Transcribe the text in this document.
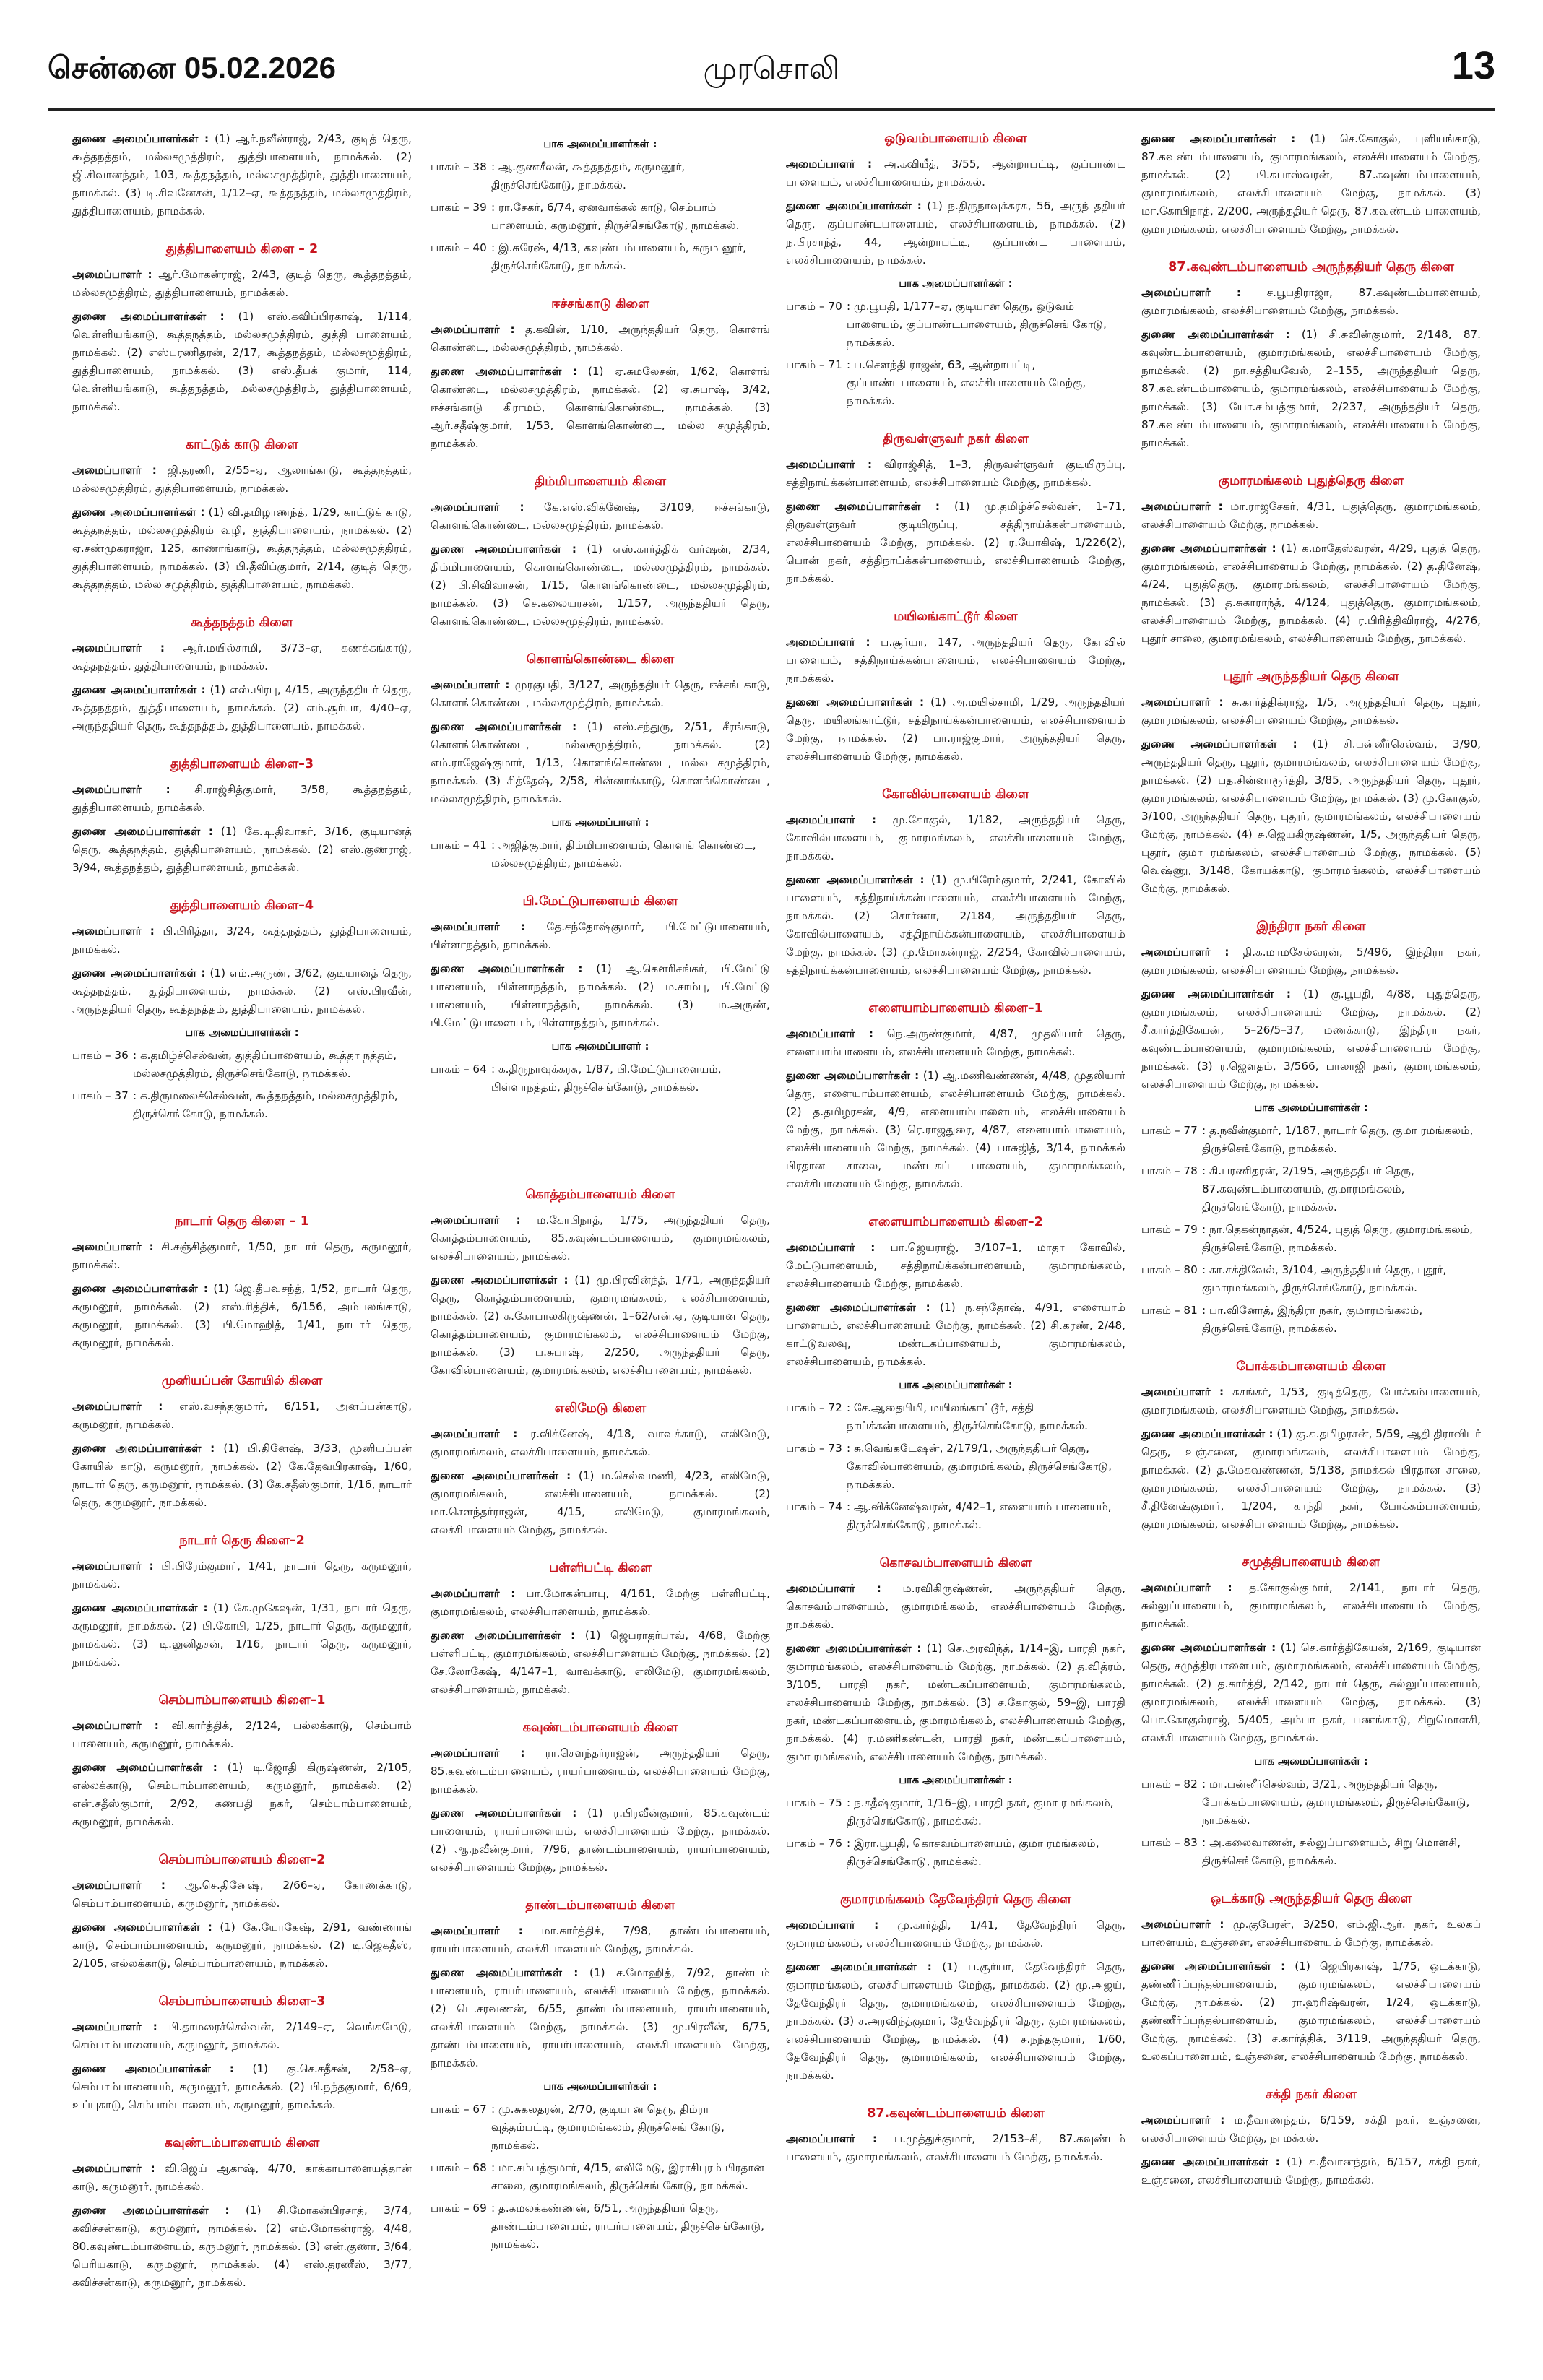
சென்னை 05.02.2026	முரசொலி	13
துணை அமைப்பாளர்கள் : (1) ஆர்.நவீன்ராஜ், 2/43, குடித் தெரு, கூத்தநத்தம், மல்லசமுத்திரம், துத்திபாளையம், நாமக்கல். (2) ஜி.சிவானந்தம், 103, கூத்தநத்தம், மல்லசமுத்திரம், துத்திபாளையம், நாமக்கல். (3) டி.சிவனேசன், 1/12–ஏ, கூத்தநத்தம், மல்லசமுத்திரம், துத்திபாளையம், நாமக்கல்.
துத்திபாளையம் கிளை – 2
அமைப்பாளர் : ஆர்.மோகன்ராஜ், 2/43, குடித் தெரு, கூத்தநத்தம், மல்லசமுத்திரம், துத்திபாளையம், நாமக்கல்.
துணை அமைப்பாளர்கள் : (1) எஸ்.கவிப்பிரகாஷ், 1/114, வெள்ளியங்காடு, கூத்தநத்தம், மல்லசமுத்திரம், துத்தி பாளையம், நாமக்கல். (2) எஸ்பரணிதரன், 2/17, கூத்தநத்தம், மல்லசமுத்திரம், துத்திபாளையம், நாமக்கல். (3) எஸ்.தீபக் குமார், 114, வெள்ளியங்காடு, கூத்தநத்தம், மல்லசமுத்திரம், துத்திபாளையம், நாமக்கல்.
காட்டுக் காடு கிளை
அமைப்பாளர் : ஜி.தரணி, 2/55–ஏ, ஆலாங்காடு, கூத்தநத்தம், மல்லசமுத்திரம், துத்திபாளையம், நாமக்கல்.
துணை அமைப்பாளர்கள் : (1) வி.தமிழாணந்த், 1/29, காட்டுக் காடு, கூத்தநத்தம், மல்லசமுத்திரம் வழி, துத்திபாளையம், நாமக்கல். (2) ஏ.சண்முகராஜா, 125, காணாங்காடு, கூத்தநத்தம், மல்லசமுத்திரம், துத்திபாளையம், நாமக்கல். (3) பி.தீவிப்குமார், 2/14, குடித் தெரு, கூத்தநத்தம், மல்ல சமுத்திரம், துத்திபாளையம், நாமக்கல்.
கூத்தநத்தம் கிளை
அமைப்பாளர் : ஆர்.மயில்சாமி, 3/73–ஏ, கணக்கங்காடு, கூத்தநத்தம், துத்திபாளையம், நாமக்கல்.
துணை அமைப்பாளர்கள் : (1) எஸ்.பிரபு, 4/15, அருந்ததியர் தெரு, கூத்தநத்தம், துத்திபாளையம், நாமக்கல். (2) எம்.சூர்யா, 4/40–ஏ, அருந்ததியர் தெரு, கூத்தநத்தம், துத்திபாளையம், நாமக்கல்.
துத்திபாளையம் கிளை–3
அமைப்பாளர் : சி.ராஜ்சித்குமார், 3/58, கூத்தநத்தம், துத்திபாளையம், நாமக்கல்.
துணை அமைப்பாளர்கள் : (1) கே.டி.திவாகர், 3/16, குடியானத் தெரு, கூத்தநத்தம், துத்திபாளையம், நாமக்கல். (2) எஸ்.குணராஜ், 3/94, கூத்தநத்தம், துத்திபாளையம், நாமக்கல்.
துத்திபாளையம் கிளை–4
அமைப்பாளர் : பி.பிரித்தா, 3/24, கூத்தநத்தம், துத்திபாளையம், நாமக்கல்.
துணை அமைப்பாளர்கள் : (1) எம்.அருண், 3/62, குடியானத் தெரு, கூத்தநத்தம், துத்திபாளையம், நாமக்கல். (2) எஸ்.பிரவீன், அருந்ததியர் தெரு, கூத்தநத்தம், துத்திபாளையம், நாமக்கல்.
பாக அமைப்பாளர்கள் :
பாகம் – 36 : க.தமிழ்ச்செல்வன், துத்திப்பாளையம், கூத்தா நத்தம், மல்லசமுத்திரம், திருச்செங்கோடு, நாமக்கல்.
பாகம் – 37 : க.திருமலைச்செல்வன், கூத்தநத்தம், மல்லசமுத்திரம், திருச்செங்கோடு, நாமக்கல்.
நாடார் தெரு கிளை – 1
அமைப்பாளர் : சி.சஞ்சித்குமார், 1/50, நாடார் தெரு, கருமனூர், நாமக்கல்.
துணை அமைப்பாளர்கள் : (1) ஜெ.தீபவசந்த், 1/52, நாடார் தெரு, கருமனூர், நாமக்கல். (2) எஸ்.ரித்திக், 6/156, அம்பலங்காடு, கருமனூர், நாமக்கல். (3) பி.மோஹித், 1/41, நாடார் தெரு, கருமனூர், நாமக்கல்.
முனியப்பன் கோயில் கிளை
அமைப்பாளர் : எஸ்.வசந்தகுமார், 6/151, அனப்பன்காடு, கருமனூர், நாமக்கல்.
துணை அமைப்பாளர்கள் : (1) பி.தினேஷ், 3/33, முனியப்பன் கோயில் காடு, கருமனூர், நாமக்கல். (2) கே.தேவபிரகாஷ், 1/60, நாடார் தெரு, கருமனூர், நாமக்கல். (3) கே.சதீஸ்குமார், 1/16, நாடார் தெரு, கருமனூர், நாமக்கல்.
நாடார் தெரு கிளை–2
அமைப்பாளர் : பி.பிரேம்குமார், 1/41, நாடார் தெரு, கருமனூர், நாமக்கல்.
துணை அமைப்பாளர்கள் : (1) கே.முகேஷன், 1/31, நாடார் தெரு, கருமனூர், நாமக்கல். (2) பி.கோபி, 1/25, நாடார் தெரு, கருமனூர், நாமக்கல். (3) டி.லுனிதசன், 1/16, நாடார் தெரு, கருமனூர், நாமக்கல்.
செம்பாம்பாளையம் கிளை–1
அமைப்பாளர் : வி.கார்த்திக், 2/124, பல்லக்காடு, செம்பாம் பாளையம், கருமனூர், நாமக்கல்.
துணை அமைப்பாளர்கள் : (1) டி.ஜோதி கிருஷ்ணன், 2/105, எல்லக்காடு, செம்பாம்பாளையம், கருமனூர், நாமக்கல். (2) என்.சதீஸ்குமார், 2/92, கணபதி நகர், செம்பாம்பாளையம், கருமனூர், நாமக்கல்.
செம்பாம்பாளையம் கிளை–2
அமைப்பாளர் : ஆ.செ.தினேஷ், 2/66–ஏ, கோணக்காடு, செம்பாம்பாளையம், கருமனூர், நாமக்கல்.
துணை அமைப்பாளர்கள் : (1) கே.யோகேஷ், 2/91, வண்ணாங் காடு, செம்பாம்பாளையம், கருமனூர், நாமக்கல். (2) டி.ஜெகதீஸ், 2/105, எல்லக்காடு, செம்பாம்பாளையம், நாமக்கல்.
செம்பாம்பாளையம் கிளை–3
அமைப்பாளர் : பி.தாமரைச்செல்வன், 2/149–ஏ, வெங்கமேடு, செம்பாம்பாளையம், கருமனூர், நாமக்கல்.
துணை அமைப்பாளர்கள் : (1) கு.செ.சதீசன், 2/58–ஏ, செம்பாம்பாளையம், கருமனூர், நாமக்கல். (2) பி.நந்தகுமார், 6/69, உப்புகாடு, செம்பாம்பாளையம், கருமனூர், நாமக்கல்.
கவுண்டம்பாளையம் கிளை
அமைப்பாளர் : வி.ஜெய் ஆகாஷ், 4/70, காக்காபாளையத்தான் காடு, கருமனூர், நாமக்கல்.
துணை அமைப்பாளர்கள் : (1) சி.மோகன்பிரசாத், 3/74, கவிச்சன்காடு, கருமனூர், நாமக்கல். (2) எம்.மோகன்ராஜ், 4/48, 80.கவுண்டம்பாளையம், கருமனூர், நாமக்கல். (3) என்.குணா, 3/64, பெரியகாடு, கருமனூர், நாமக்கல். (4) எஸ்.தரணீஸ், 3/77, கவிச்சன்காடு, கருமனூர், நாமக்கல்.
பாக அமைப்பாளர்கள் :
பாகம் – 38 : ஆ.குணசீலன், கூத்தநத்தம், கருமனூர், திருச்செங்கோடு, நாமக்கல்.
பாகம் – 39 : ரா.சேகர், 6/74, ஏனவாக்கல் காடு, செம்பாம் பாளையம், கருமனூர், திருச்செங்கோடு, நாமக்கல்.
பாகம் – 40 : இ.சுரேஷ், 4/13, கவுண்டம்பாளையம், கரும னூர், திருச்செங்கோடு, நாமக்கல்.
ஈச்சங்காடு கிளை
அமைப்பாளர் : த.கவின், 1/10, அருந்ததியர் தெரு, கொளங் கொண்டை, மல்லசமுத்திரம், நாமக்கல்.
துணை அமைப்பாளர்கள் : (1) ஏ.சுமலேசன், 1/62, கொளங் கொண்டை, மல்லசமுத்திரம், நாமக்கல். (2) ஏ.சுபாஷ், 3/42, ஈச்சங்காடு கிராமம், கொளங்கொண்டை, நாமக்கல். (3) ஆர்.சதீஷ்குமார், 1/53, கொளங்கொண்டை, மல்ல சமுத்திரம், நாமக்கல்.
திம்மிபாளையம் கிளை
அமைப்பாளர் : கே.எஸ்.விக்னேஷ், 3/109, ஈச்சங்காடு, கொளங்கொண்டை, மல்லசமுத்திரம், நாமக்கல்.
துணை அமைப்பாளர்கள் : (1) எஸ்.கார்த்திக் வர்ஷன், 2/34, திம்மிபாளையம், கொளங்கொண்டை, மல்லசமுத்திரம், நாமக்கல். (2) பி.சிவிவாசன், 1/15, கொளங்கொண்டை, மல்லசமுத்திரம், நாமக்கல். (3) செ.கலையரசன், 1/157, அருந்ததியர் தெரு, கொளங்கொண்டை, மல்லசமுத்திரம், நாமக்கல்.
கொளங்கொண்டை கிளை
அமைப்பாளர் : முரகுபதி, 3/127, அருந்ததியர் தெரு, ஈச்சங் காடு, கொளங்கொண்டை, மல்லசமுத்திரம், நாமக்கல்.
துணை அமைப்பாளர்கள் : (1) எஸ்.சந்துரு, 2/51, சீரங்காடு, கொளங்கொண்டை, மல்லசமுத்திரம், நாமக்கல். (2) எம்.ராஜேஷ்குமார், 1/13, கொளங்கொண்டை, மல்ல சமுத்திரம், நாமக்கல். (3) சித்தேஷ், 2/58, சின்னாங்காடு, கொளங்கொண்டை, மல்லசமுத்திரம், நாமக்கல்.
பாக அமைப்பாளர் :
பாகம் – 41 : அஜித்குமார், திம்மிபாளையம், கொளங் கொண்டை, மல்லசமுத்திரம், நாமக்கல்.
பி.மேட்டுபாளையம் கிளை
அமைப்பாளர் : தே.சந்தோஷ்குமார், பி.மேட்டுபாளையம், பிள்ளாநத்தம், நாமக்கல்.
துணை அமைப்பாளர்கள் : (1) ஆ.கௌரிசங்கர், பி.மேட்டு பாளையம், பிள்ளாநத்தம், நாமக்கல். (2) ம.சாம்பு, பி.மேட்டு பாளையம், பிள்ளாநத்தம், நாமக்கல். (3) ம.அருண், பி.மேட்டுபாளையம், பிள்ளாநத்தம், நாமக்கல்.
பாக அமைப்பாளர் :
பாகம் – 64 : க.திருநாவுக்கரசு, 1/87, பி.மேட்டுபாளையம், பிள்ளாநத்தம், திருச்செங்கோடு, நாமக்கல்.
கொத்தம்பாளையம் கிளை
அமைப்பாளர் : ம.கோபிநாத், 1/75, அருந்ததியர் தெரு, கொத்தம்பாளையம், 85.கவுண்டம்பாளையம், குமாரமங்கலம், எலச்சிபாளையம், நாமக்கல்.
துணை அமைப்பாளர்கள் : (1) மு.பிரவின்ந்த், 1/71, அருந்ததியர் தெரு, கொத்தம்பாளையம், குமாரமங்கலம், எலச்சிபாளையம், நாமக்கல். (2) க.கோபாலகிருஷ்ணன், 1–62/என்.ஏ, குடியான தெரு, கொத்தம்பாளையம், குமாரமங்கலம், எலச்சிபாளையம் மேற்கு, நாமக்கல். (3) ப.சுபாஷ், 2/250, அருந்ததியர் தெரு, கோவில்பாளையம், குமாரமங்கலம், எலச்சிபாளையம், நாமக்கல்.
எலிமேடு கிளை
அமைப்பாளர் : ர.விக்னேஷ், 4/18, வாவக்காடு, எலிமேடு, குமாரமங்கலம், எலச்சிபாளையம், நாமக்கல்.
துணை அமைப்பாளர்கள் : (1) ம.செல்வமணி, 4/23, எலிமேடு, குமாரமங்கலம், எலச்சிபாளையம், நாமக்கல். (2) மா.சௌந்தர்ராஜன், 4/15, எலிமேடு, குமாரமங்கலம், எலச்சிபாளையம் மேற்கு, நாமக்கல்.
பள்ளிபட்டி கிளை
அமைப்பாளர் : பா.மோகன்பாபு, 4/161, மேற்கு பள்ளிபட்டி, குமாரமங்கலம், எலச்சிபாளையம், நாமக்கல்.
துணை அமைப்பாளர்கள் : (1) ஜெபராதர்பாவ், 4/68, மேற்கு பள்ளிபட்டி, குமாரமங்கலம், எலச்சிபாளையம் மேற்கு, நாமக்கல். (2) சே.லோகேஷ், 4/147–1, வாவக்காடு, எலிமேடு, குமாரமங்கலம், எலச்சிபாளையம், நாமக்கல்.
கவுண்டம்பாளையம் கிளை
அமைப்பாளர் : ரா.சௌந்தர்ராஜன், அருந்ததியர் தெரு, 85.கவுண்டம்பாளையம், ராயர்பாளையம், எலச்சிபாளையம் மேற்கு, நாமக்கல்.
துணை அமைப்பாளர்கள் : (1) ர.பிரவீன்குமார், 85.கவுண்டம் பாளையம், ராயர்பாளையம், எலச்சிபாளையம் மேற்கு, நாமக்கல். (2) ஆ.நவீன்குமார், 7/96, தாண்டம்பாளையம், ராயர்பாளையம், எலச்சிபாளையம் மேற்கு, நாமக்கல்.
தாண்டம்பாளையம் கிளை
அமைப்பாளர் : மா.கார்த்திக், 7/98, தாண்டம்பாளையம், ராயர்பாளையம், எலச்சிபாளையம் மேற்கு, நாமக்கல்.
துணை அமைப்பாளர்கள் : (1) ச.மோஹித், 7/92, தாண்டம் பாளையம், ராயர்பாளையம், எலச்சிபாளையம் மேற்கு, நாமக்கல். (2) பெ.சரவணன், 6/55, தாண்டம்பாளையம், ராயர்பாளையம், எலச்சிபாளையம் மேற்கு, நாமக்கல். (3) மு.பிரவீன், 6/75, தாண்டம்பாளையம், ராயர்பாளையம், எலச்சிபாளையம் மேற்கு, நாமக்கல்.
பாக அமைப்பாளர்கள் :
பாகம் – 67 : மு.சுகலதரன், 2/70, குடியான தெரு, திம்ரா வுத்தம்பட்டி, குமாரமங்கலம், திருச்செங் கோடு, நாமக்கல்.
பாகம் – 68 : மா.சம்பத்குமார், 4/15, எலிமேடு, இராசிபுரம் பிரதான சாலை, குமாரமங்கலம், திருச்செங் கோடு, நாமக்கல்.
பாகம் – 69 : த.கமலக்கண்ணன், 6/51, அருந்ததியர் தெரு, தாண்டம்பாளையம், ராயர்பாளையம், திருச்செங்கோடு, நாமக்கல்.
ஒடுவம்பாளையம் கிளை
அமைப்பாளர் : அ.கவியீத், 3/55, ஆன்றாபட்டி, குப்பாண்ட பாளையம், எலச்சிபாளையம், நாமக்கல்.
துணை அமைப்பாளர்கள் : (1) ந.திருநாவுக்கரசு, 56, அருந் ததியர் தெரு, குப்பாண்டபாளையம், எலச்சிபாளையம், நாமக்கல். (2) ந.பிரசாந்த், 44, ஆன்றாபட்டி, குப்பாண்ட பாளையம், எலச்சிபாளையம், நாமக்கல்.
பாக அமைப்பாளர்கள் :
பாகம் – 70 : மு.பூபதி, 1/177–ஏ, குடியான தெரு, ஒடுவம் பாளையம், குப்பாண்டபாளையம், திருச்செங் கோடு, நாமக்கல்.
பாகம் – 71 : ப.சௌந்தி ராஜன், 63, ஆன்றாபட்டி, குப்பாண்டபாளையம், எலச்சிபாளையம் மேற்கு, நாமக்கல்.
திருவள்ளுவர் நகர் கிளை
அமைப்பாளர் : விராஜ்சித், 1–3, திருவள்ளுவர் குடியிருப்பு, சத்திநாய்க்கன்பாளையம், எலச்சிபாளையம் மேற்கு, நாமக்கல்.
துணை அமைப்பாளர்கள் : (1) மு.தமிழ்ச்செல்வன், 1–71, திருவள்ளுவர் குடியிருப்பு, சத்திநாய்க்கன்பாளையம், எலச்சிபாளையம் மேற்கு, நாமக்கல். (2) ர.யோகிஷ், 1/226(2), பொன் நகர், சத்திநாய்க்கன்பாளையம், எலச்சிபாளையம் மேற்கு, நாமக்கல்.
மயிலங்காட்டூர் கிளை
அமைப்பாளர் : ப.சூர்யா, 147, அருந்ததியர் தெரு, கோவில் பாளையம், சத்திநாய்க்கன்பாளையம், எலச்சிபாளையம் மேற்கு, நாமக்கல்.
துணை அமைப்பாளர்கள் : (1) அ.மயில்சாமி, 1/29, அருந்ததியர் தெரு, மயிலங்காட்டூர், சத்திநாய்க்கன்பாளையம், எலச்சிபாளையம் மேற்கு, நாமக்கல். (2) பா.ராஜ்குமார், அருந்ததியர் தெரு, எலச்சிபாளையம் மேற்கு, நாமக்கல்.
கோவில்பாளையம் கிளை
அமைப்பாளர் : மு.கோகுல், 1/182, அருந்ததியர் தெரு, கோவில்பாளையம், குமாரமங்கலம், எலச்சிபாளையம் மேற்கு, நாமக்கல்.
துணை அமைப்பாளர்கள் : (1) மு.பிரேம்குமார், 2/241, கோவில் பாளையம், சத்திநாய்க்கன்பாளையம், எலச்சிபாளையம் மேற்கு, நாமக்கல். (2) சொர்ணா, 2/184, அருந்ததியர் தெரு, கோவில்பாளையம், சத்திநாய்க்கன்பாளையம், எலச்சிபாளையம் மேற்கு, நாமக்கல். (3) மு.மோகன்ராஜ், 2/254, கோவில்பாளையம், சத்திநாய்க்கன்பாளையம், எலச்சிபாளையம் மேற்கு, நாமக்கல்.
எளையாம்பாளையம் கிளை–1
அமைப்பாளர் : நெ.அருண்குமார், 4/87, முதலியார் தெரு, எளையாம்பாளையம், எலச்சிபாளையம் மேற்கு, நாமக்கல்.
துணை அமைப்பாளர்கள் : (1) ஆ.மணிவண்ணன், 4/48, முதலியார் தெரு, எளையாம்பாளையம், எலச்சிபாளையம் மேற்கு, நாமக்கல். (2) த.தமிழரசன், 4/9, எளையாம்பாளையம், எலச்சிபாளையம் மேற்கு, நாமக்கல். (3) ரெ.ராஜதுரை, 4/87, எளையாம்பாளையம், எலச்சிபாளையம் மேற்கு, நாமக்கல். (4) பாசுஜித், 3/14, நாமக்கல் பிரதான சாலை, மண்டகப் பாளையம், குமாரமங்கலம், எலச்சிபாளையம் மேற்கு, நாமக்கல்.
எளையாம்பாளையம் கிளை–2
அமைப்பாளர் : பா.ஜெயராஜ், 3/107–1, மாதா கோவில், மேட்டுபாளையம், சத்திநாய்க்கன்பாளையம், குமாரமங்கலம், எலச்சிபாளையம் மேற்கு, நாமக்கல்.
துணை அமைப்பாளர்கள் : (1) ந.சந்தோஷ், 4/91, எளையாம் பாளையம், எலச்சிபாளையம் மேற்கு, நாமக்கல். (2) சி.கரண், 2/48, காட்டுவலவு, மண்டகப்பாளையம், குமாரமங்கலம், எலச்சிபாளையம், நாமக்கல்.
பாக அமைப்பாளர்கள் :
பாகம் – 72 : சே.ஆதைபிமி, மயிலங்காட்டூர், சத்தி நாய்க்கன்பாளையம், திருச்செங்கோடு, நாமக்கல்.
பாகம் – 73 : சு.வெங்கடேஷன், 2/179/1, அருந்ததியர் தெரு, கோவில்பாளையம், குமாரமங்கலம், திருச்செங்கோடு, நாமக்கல்.
பாகம் – 74 : ஆ.விக்னேஷ்வரன், 4/42–1, எளையாம் பாளையம், திருச்செங்கோடு, நாமக்கல்.
கொசவம்பாளையம் கிளை
அமைப்பாளர் : ம.ரவிகிருஷ்ணன், அருந்ததியர் தெரு, கொசவம்பாளையம், குமாரமங்கலம், எலச்சிபாளையம் மேற்கு, நாமக்கல்.
துணை அமைப்பாளர்கள் : (1) செ.அரவிந்த், 1/14–இ, பாரதி நகர், குமாரமங்கலம், எலச்சிபாளையம் மேற்கு, நாமக்கல். (2) த.வித்ரம், 3/105, பாரதி நகர், மண்டகப்பாளையம், குமாரமங்கலம், எலச்சிபாளையம் மேற்கு, நாமக்கல். (3) ச.கோகுல், 59–இ, பாரதி நகர், மண்டகப்பாளையம், குமாரமங்கலம், எலச்சிபாளையம் மேற்கு, நாமக்கல். (4) ர.மணிகண்டன், பாரதி நகர், மண்டகப்பாளையம், குமா ரமங்கலம், எலச்சிபாளையம் மேற்கு, நாமக்கல்.
பாக அமைப்பாளர்கள் :
பாகம் – 75 : ந.சதீஷ்குமார், 1/16–இ, பாரதி நகர், குமா ரமங்கலம், திருச்செங்கோடு, நாமக்கல்.
பாகம் – 76 : இரா.பூபதி, கொசவம்பாளையம், குமா ரமங்கலம், திருச்செங்கோடு, நாமக்கல்.
குமாரமங்கலம் தேவேந்திரர் தெரு கிளை
அமைப்பாளர் : மு.கார்த்தி, 1/41, தேவேந்திரர் தெரு, குமாரமங்கலம், எலச்சிபாளையம் மேற்கு, நாமக்கல்.
துணை அமைப்பாளர்கள் : (1) ப.சூர்யா, தேவேந்திரர் தெரு, குமாரமங்கலம், எலச்சிபாளையம் மேற்கு, நாமக்கல். (2) மு.அஜய், தேவேந்திரர் தெரு, குமாரமங்கலம், எலச்சிபாளையம் மேற்கு, நாமக்கல். (3) ச.அரவிந்த்குமார், தேவேந்திரர் தெரு, குமாரமங்கலம், எலச்சிபாளையம் மேற்கு, நாமக்கல். (4) ச.நந்தகுமார், 1/60, தேவேந்திரர் தெரு, குமாரமங்கலம், எலச்சிபாளையம் மேற்கு, நாமக்கல்.
87.கவுண்டம்பாளையம் கிளை
அமைப்பாளர் : ப.முத்துக்குமார், 2/153–சி, 87.கவுண்டம் பாளையம், குமாரமங்கலம், எலச்சிபாளையம் மேற்கு, நாமக்கல்.
துணை அமைப்பாளர்கள் : (1) செ.கோகுல், புளியங்காடு, 87.கவுண்டம்பாளையம், குமாரமங்கலம், எலச்சிபாளையம் மேற்கு, நாமக்கல். (2) பி.சுபாஸ்வரன், 87.கவுண்டம்பாளையம், குமாரமங்கலம், எலச்சிபாளையம் மேற்கு, நாமக்கல். (3) மா.கோபிநாத், 2/200, அருந்ததியர் தெரு, 87.கவுண்டம் பாளையம், குமாரமங்கலம், எலச்சிபாளையம் மேற்கு, நாமக்கல்.
87.கவுண்டம்பாளையம் அருந்ததியர் தெரு கிளை
அமைப்பாளர் : ச.பூபதிராஜா, 87.கவுண்டம்பாளையம், குமாரமங்கலம், எலச்சிபாளையம் மேற்கு, நாமக்கல்.
துணை அமைப்பாளர்கள் : (1) சி.சுவின்குமார், 2/148, 87. கவுண்டம்பாளையம், குமாரமங்கலம், எலச்சிபாளையம் மேற்கு, நாமக்கல். (2) நா.சத்தியவேல், 2–155, அருந்ததியர் தெரு, 87.கவுண்டம்பாளையம், குமாரமங்கலம், எலச்சிபாளையம் மேற்கு, நாமக்கல். (3) யோ.சம்பத்குமார், 2/237, அருந்ததியர் தெரு, 87.கவுண்டம்பாளையம், குமாரமங்கலம், எலச்சிபாளையம் மேற்கு, நாமக்கல்.
குமாரமங்கலம் புதுத்தெரு கிளை
அமைப்பாளர் : மா.ராஜசேகர், 4/31, புதுத்தெரு, குமாரமங்கலம், எலச்சிபாளையம் மேற்கு, நாமக்கல்.
துணை அமைப்பாளர்கள் : (1) க.மாதேஸ்வரன், 4/29, புதுத் தெரு, குமாரமங்கலம், எலச்சிபாளையம் மேற்கு, நாமக்கல். (2) த.தினேஷ், 4/24, புதுத்தெரு, குமாரமங்கலம், எலச்சிபாளையம் மேற்கு, நாமக்கல். (3) த.சுகாராந்த், 4/124, புதுத்தெரு, குமாரமங்கலம், எலச்சிபாளையம் மேற்கு, நாமக்கல். (4) ர.பிரித்திவிராஜ், 4/276, புதூர் சாலை, குமாரமங்கலம், எலச்சிபாளையம் மேற்கு, நாமக்கல்.
புதூர் அருந்ததியர் தெரு கிளை
அமைப்பாளர் : சு.கார்த்திக்ராஜ், 1/5, அருந்ததியர் தெரு, புதூர், குமாரமங்கலம், எலச்சிபாளையம் மேற்கு, நாமக்கல்.
துணை அமைப்பாளர்கள் : (1) சி.பன்னீர்செல்வம், 3/90, அருந்ததியர் தெரு, புதூர், குமாரமங்கலம், எலச்சிபாளையம் மேற்கு, நாமக்கல். (2) பத.சின்னாரூர்த்தி, 3/85, அருந்ததியர் தெரு, புதூர், குமாரமங்கலம், எலச்சிபாளையம் மேற்கு, நாமக்கல். (3) மு.கோகுல், 3/100, அருந்ததியர் தெரு, புதூர், குமாரமங்கலம், எலச்சிபாளையம் மேற்கு, நாமக்கல். (4) சு.ஜெயகிருஷ்ணன், 1/5, அருந்ததியர் தெரு, புதூர், குமா ரமங்கலம், எலச்சிபாளையம் மேற்கு, நாமக்கல். (5) வெஷ்ணு, 3/148, கோயக்காடு, குமாரமங்கலம், எலச்சிபாளையம் மேற்கு, நாமக்கல்.
இந்திரா நகர் கிளை
அமைப்பாளர் : தி.க.மாமசேல்வரன், 5/496, இந்திரா நகர், குமாரமங்கலம், எலச்சிபாளையம் மேற்கு, நாமக்கல்.
துணை அமைப்பாளர்கள் : (1) கு.பூபதி, 4/88, புதுத்தெரு, குமாரமங்கலம், எலச்சிபாளையம் மேற்கு, நாமக்கல். (2) சீ.கார்த்திகேயன், 5–26/5–37, மணக்காடு, இந்திரா நகர், கவுண்டம்பாளையம், குமாரமங்கலம், எலச்சிபாளையம் மேற்கு, நாமக்கல். (3) ர.ஜெளதம், 3/566, பாலாஜி நகர், குமாரமங்கலம், எலச்சிபாளையம் மேற்கு, நாமக்கல்.
பாக அமைப்பாளர்கள் :
பாகம் – 77 : த.நவீன்குமார், 1/187, நாடார் தெரு, குமா ரமங்கலம், திருச்செங்கோடு, நாமக்கல்.
பாகம் – 78 : கி.பரணிதரன், 2/195, அருந்ததியர் தெரு, 87.கவுண்டம்பாளையம், குமாரமங்கலம், திருச்செங்கோடு, நாமக்கல்.
பாகம் – 79 : நா.தெகன்நாதன், 4/524, புதுத் தெரு, குமாரமங்கலம், திருச்செங்கோடு, நாமக்கல்.
பாகம் – 80 : கா.சக்திவேல், 3/104, அருந்ததியர் தெரு, புதூர், குமாரமங்கலம், திருச்செங்கோடு, நாமக்கல்.
பாகம் – 81 : பா.வினோத், இந்திரா நகர், குமாரமங்கலம், திருச்செங்கோடு, நாமக்கல்.
போக்கம்பாளையம் கிளை
அமைப்பாளர் : சுசங்கர், 1/53, குடித்தெரு, போக்கம்பாளையம், குமாரமங்கலம், எலச்சிபாளையம் மேற்கு, நாமக்கல்.
துணை அமைப்பாளர்கள் : (1) கு.க.தமிழரசன், 5/59, ஆதி திராவிடர் தெரு, உஞ்சனை, குமாரமங்கலம், எலச்சிபாளையம் மேற்கு, நாமக்கல். (2) த.மேகவண்ணன், 5/138, நாமக்கல் பிரதான சாலை, குமாரமங்கலம், எலச்சிபாளையம் மேற்கு, நாமக்கல். (3) சீ.தினேஷ்குமார், 1/204, காந்தி நகர், போக்கம்பாளையம், குமாரமங்கலம், எலச்சிபாளையம் மேற்கு, நாமக்கல்.
சமுத்திபாளையம் கிளை
அமைப்பாளர் : த.கோகுல்குமார், 2/141, நாடார் தெரு, சுல்லுப்பாளையம், குமாரமங்கலம், எலச்சிபாளையம் மேற்கு, நாமக்கல்.
துணை அமைப்பாளர்கள் : (1) செ.கார்த்திகேயன், 2/169, குடியான தெரு, சமுத்திரபாளையம், குமாரமங்கலம், எலச்சிபாளையம் மேற்கு, நாமக்கல். (2) த.கார்த்தி, 2/142, நாடார் தெரு, சுல்லுப்பாளையம், குமாரமங்கலம், எலச்சிபாளையம் மேற்கு, நாமக்கல். (3) பொ.கோகுல்ராஜ், 5/405, அம்பா நகர், பணங்காடு, சிறுமொளசி, எலச்சிபாளையம் மேற்கு, நாமக்கல்.
பாக அமைப்பாளர்கள் :
பாகம் – 82 : மா.பன்னீர்செல்வம், 3/21, அருந்ததியர் தெரு, போக்கம்பாளையம், குமாரமங்கலம், திருச்செங்கோடு, நாமக்கல்.
பாகம் – 83 : அ.கலைவாணன், சுல்லுப்பாளையம், சிறு மொளசி, திருச்செங்கோடு, நாமக்கல்.
ஒடக்காடு அருந்ததியர் தெரு கிளை
அமைப்பாளர் : மு.குபேரன், 3/250, எம்.ஜி.ஆர். நகர், உலகப் பாளையம், உஞ்சனை, எலச்சிபாளையம் மேற்கு, நாமக்கல்.
துணை அமைப்பாளர்கள் : (1) ஜெயிரகாஷ், 1/75, ஒடக்காடு, தண்ணீர்ப்பந்தல்பாளையம், குமாரமங்கலம், எலச்சிபாளையம் மேற்கு, நாமக்கல். (2) ரா.ஹரிஷ்வரன், 1/24, ஒடக்காடு, தண்ணீர்ப்பந்தல்பாளையம், குமாரமங்கலம், எலச்சிபாளையம் மேற்கு, நாமக்கல். (3) ச.கார்த்திக், 3/119, அருந்ததியர் தெரு, உலகப்பாளையம், உஞ்சனை, எலச்சிபாளையம் மேற்கு, நாமக்கல்.
சக்தி நகர் கிளை
அமைப்பாளர் : ம.தீவாணந்தம், 6/159, சக்தி நகர், உஞ்சனை, எலச்சிபாளையம் மேற்கு, நாமக்கல்.
துணை அமைப்பாளர்கள் : (1) க.தீவானந்தம், 6/157, சக்தி நகர், உஞ்சனை, எலச்சிபாளையம் மேற்கு, நாமக்கல்.
